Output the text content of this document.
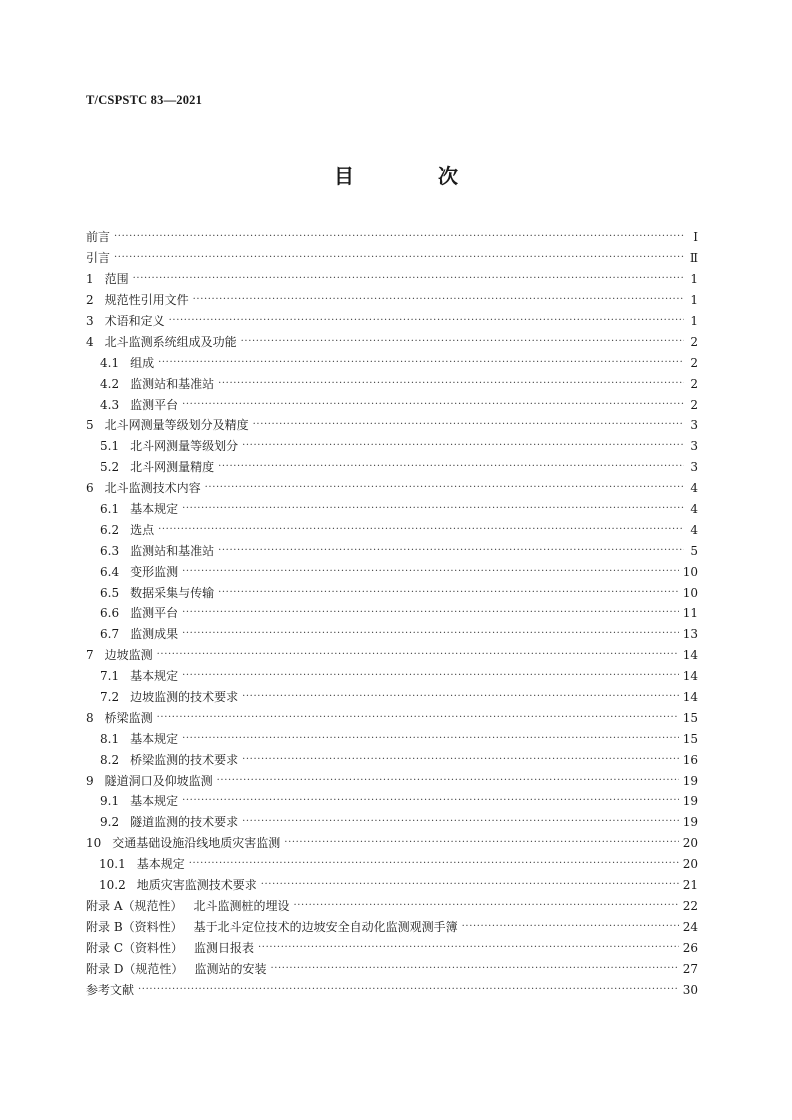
T/CSPSTC 83—2021
目　次
前言 ·····	Ⅰ
引言 ·····	Ⅱ
1 范围 ·····	1
2 规范性引用文件 ·····	1
3 术语和定义 ·····	1
4 北斗监测系统组成及功能 ·····	2
4.1 组成 ·····	2
4.2 监测站和基准站 ·····	2
4.3 监测平台 ·····	2
5 北斗网测量等级划分及精度 ·····	3
5.1 北斗网测量等级划分 ·····	3
5.2 北斗网测量精度 ·····	3
6 北斗监测技术内容 ·····	4
6.1 基本规定 ·····	4
6.2 选点 ·····	4
6.3 监测站和基准站 ·····	5
6.4 变形监测 ·····	10
6.5 数据采集与传输 ·····	10
6.6 监测平台 ·····	11
6.7 监测成果 ·····	13
7 边坡监测 ·····	14
7.1 基本规定 ·····	14
7.2 边坡监测的技术要求 ·····	14
8 桥梁监测 ·····	15
8.1 基本规定 ·····	15
8.2 桥梁监测的技术要求 ·····	16
9 隧道洞口及仰坡监测 ·····	19
9.1 基本规定 ·····	19
9.2 隧道监测的技术要求 ·····	19
10 交通基础设施沿线地质灾害监测 ·····	20
10.1 基本规定 ·····	20
10.2 地质灾害监测技术要求 ·····	21
附录 A（规范性） 北斗监测桩的埋设 ·····	22
附录 B（资料性） 基于北斗定位技术的边坡安全自动化监测观测手簿 ·····	24
附录 C（资料性） 监测日报表 ·····	26
附录 D（规范性） 监测站的安装 ·····	27
参考文献 ·····	30
